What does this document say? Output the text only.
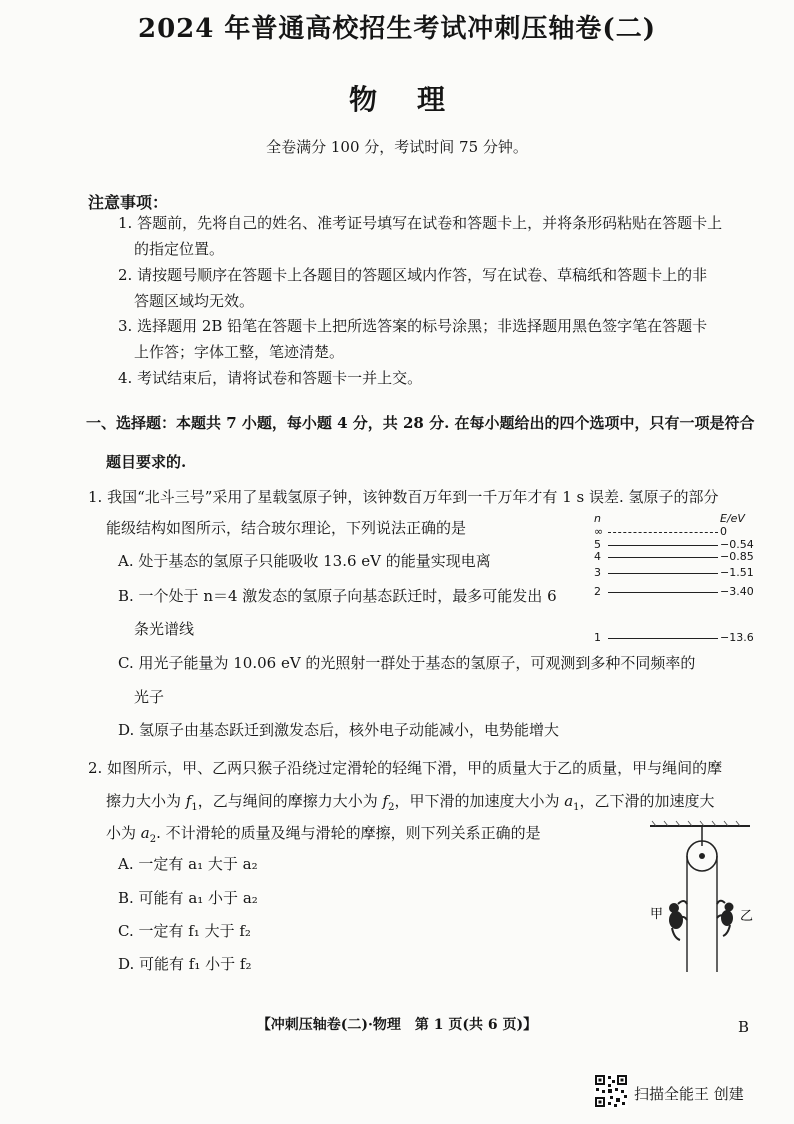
2024 年普通高校招生考试冲刺压轴卷(二)
物理
全卷满分 100 分，考试时间 75 分钟。
注意事项：
1. 答题前，先将自己的姓名、准考证号填写在试卷和答题卡上，并将条形码粘贴在答题卡上
的指定位置。
2. 请按题号顺序在答题卡上各题目的答题区域内作答，写在试卷、草稿纸和答题卡上的非
答题区域均无效。
3. 选择题用 2B 铅笔在答题卡上把所选答案的标号涂黑；非选择题用黑色签字笔在答题卡
上作答；字体工整，笔迹清楚。
4. 考试结束后，请将试卷和答题卡一并上交。
一、选择题：本题共 7 小题，每小题 4 分，共 28 分. 在每小题给出的四个选项中，只有一项是符合
题目要求的.
1. 我国“北斗三号”采用了星载氢原子钟，该钟数百万年到一千万年才有 1 s 误差. 氢原子的部分
能级结构如图所示，结合玻尔理论，下列说法正确的是
A. 处于基态的氢原子只能吸收 13.6 eV 的能量实现电离
B. 一个处于 n＝4 激发态的氢原子向基态跃迁时，最多可能发出 6
条光谱线
C. 用光子能量为 10.06 eV 的光照射一群处于基态的氢原子，可观测到多种不同频率的
光子
D. 氢原子由基态跃迁到激发态后，核外电子动能减小，电势能增大
n	E/eV
∞	0
5	−0.54
4	−0.85
3	−1.51
2	−3.40
1	−13.6
2. 如图所示，甲、乙两只猴子沿绕过定滑轮的轻绳下滑，甲的质量大于乙的质量，甲与绳间的摩
擦力大小为 $f_1$，乙与绳间的摩擦力大小为 $f_2$，甲下滑的加速度大小为 $a_1$，乙下滑的加速度大
小为 $a_2$. 不计滑轮的质量及绳与滑轮的摩擦，则下列关系正确的是
A. 一定有 a₁ 大于 a₂
B. 可能有 a₁ 小于 a₂
C. 一定有 f₁ 大于 f₂
D. 可能有 f₁ 小于 f₂
甲	乙
【冲刺压轴卷(二)·物理　第 1 页(共 6 页)】	B
扫描全能王 创建
